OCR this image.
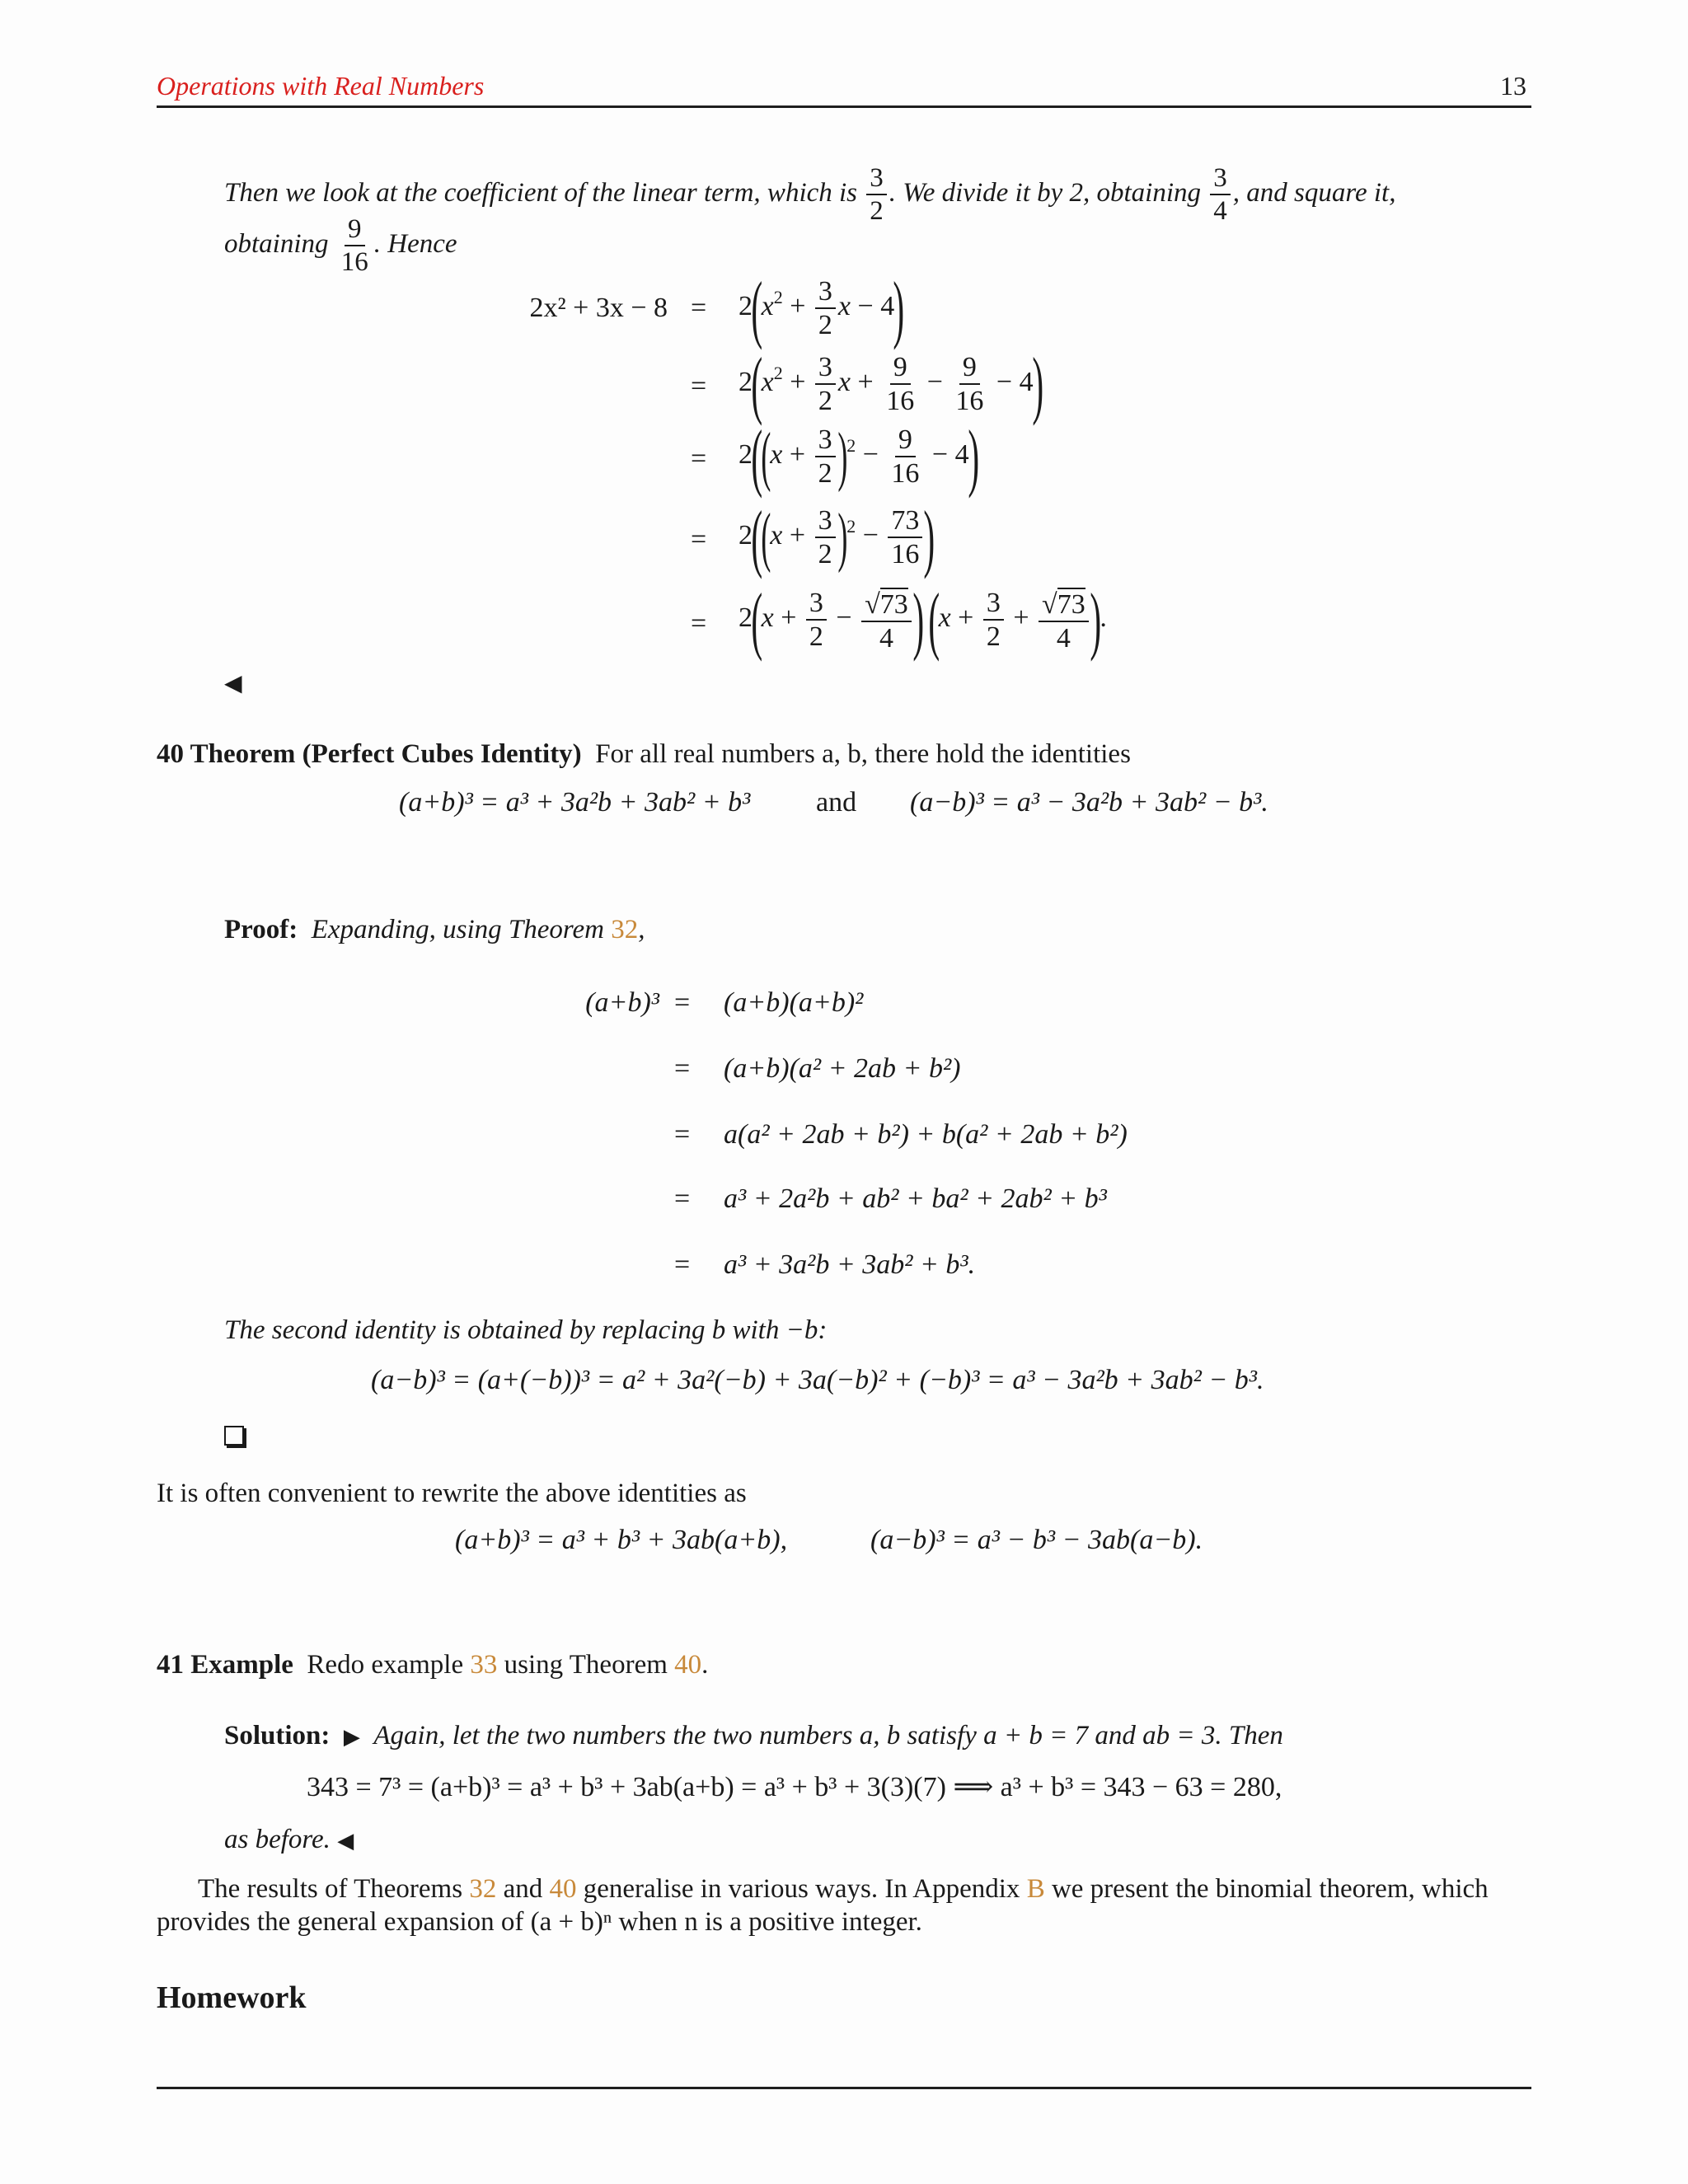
Operations with Real Numbers	13
Then we look at the coefficient of the linear term, which is $\frac{3}{2}$ . We divide it by 2, obtaining $\frac{3}{4}$ , and square it,
obtaining $\frac{9}{16}$ . Hence
$2x^2 + 3x - 8 = 2(x^2 + \frac{3}{2}$ x − 4)
= $2(x^2 + \frac{3}{2}$ $x + \frac{9}{16} - \frac{9}{16} - 4$)
= $2((x + \frac{3}{2} )^2 - \frac{9}{16} - 4)$
= $2((x + \frac{3}{2} )^2 - \frac{73}{16}$ )
= $2(x + \frac{3}{2} - \frac{√73}{4}$ ) ($x + \frac{3}{2} + \frac{√73}{4}$ ).
◀
40 Theorem (Perfect Cubes Identity) For all real numbers a, b, there hold the identities
(a+b)³ = a³ + 3a²b + 3ab² + b³ and (a−b)³ = a³ − 3a²b + 3ab² − b³.
Proof: Expanding, using Theorem 32,
(a+b)³ = (a+b)(a+b)²
= (a+b)(a² + 2ab + b²)
= a(a² + 2ab + b²) + b(a² + 2ab + b²)
= a³ + 2a²b + ab² + ba² + 2ab² + b³
= a³ + 3a²b + 3ab² + b³.
The second identity is obtained by replacing b with −b:
(a−b)³ = (a+(−b))³ = a² + 3a²(−b) + 3a(−b)² + (−b)³ = a³ − 3a²b + 3ab² − b³.
It is often convenient to rewrite the above identities as
(a+b)³ = a³ + b³ + 3ab(a+b),	(a−b)³ = a³ − b³ − 3ab(a−b).
41 Example Redo example 33 using Theorem 40.
Solution: ▶ Again, let the two numbers the two numbers a, b satisfy a + b = 7 and ab = 3. Then
343 = 7³ = (a+b)³ = a³ + b³ + 3ab(a+b) = a³ + b³ + 3(3)(7) ⟹ a³ + b³ = 343 − 63 = 280,
as before. ◀
The results of Theorems 32 and 40 generalise in various ways. In Appendix B we present the binomial theorem, which
provides the general expansion of (a + b)ⁿ when n is a positive integer.
Homework
